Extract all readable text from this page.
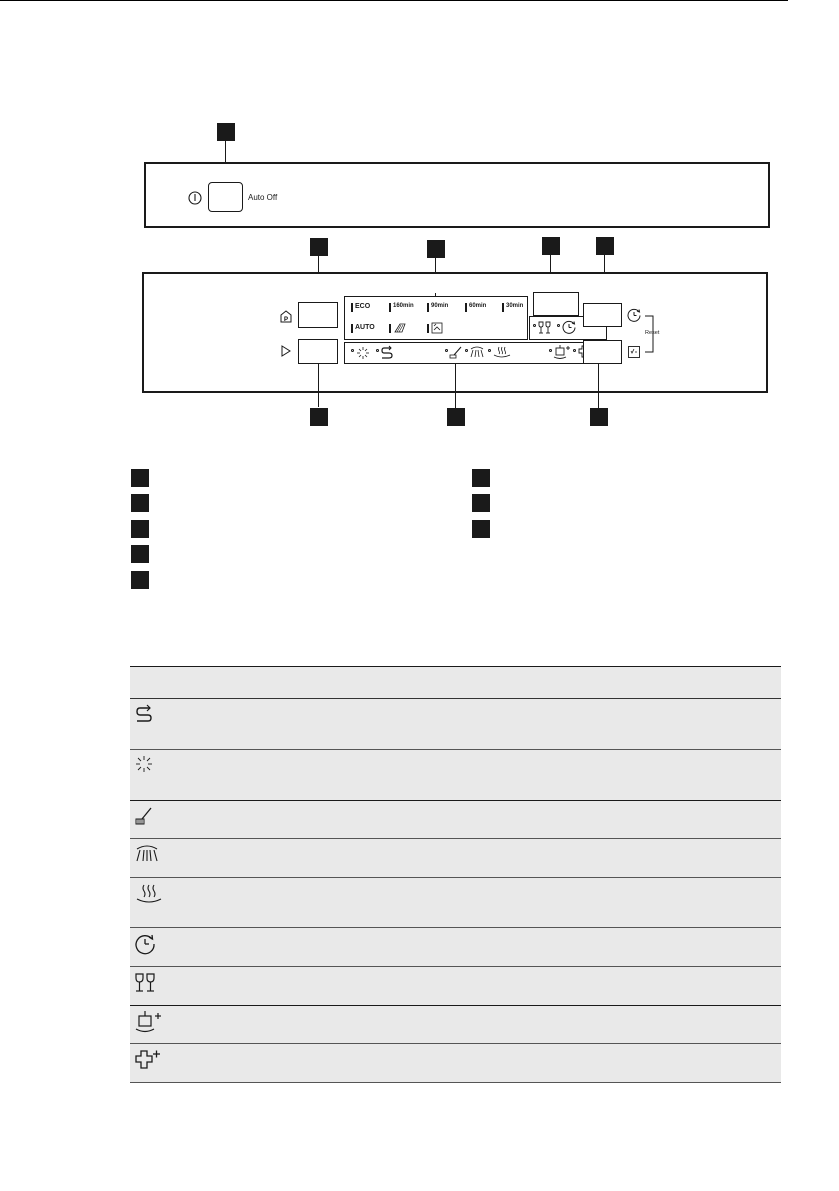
Auto Off
P
ECO	160min	90min	60min	30min
AUTO
Reset
